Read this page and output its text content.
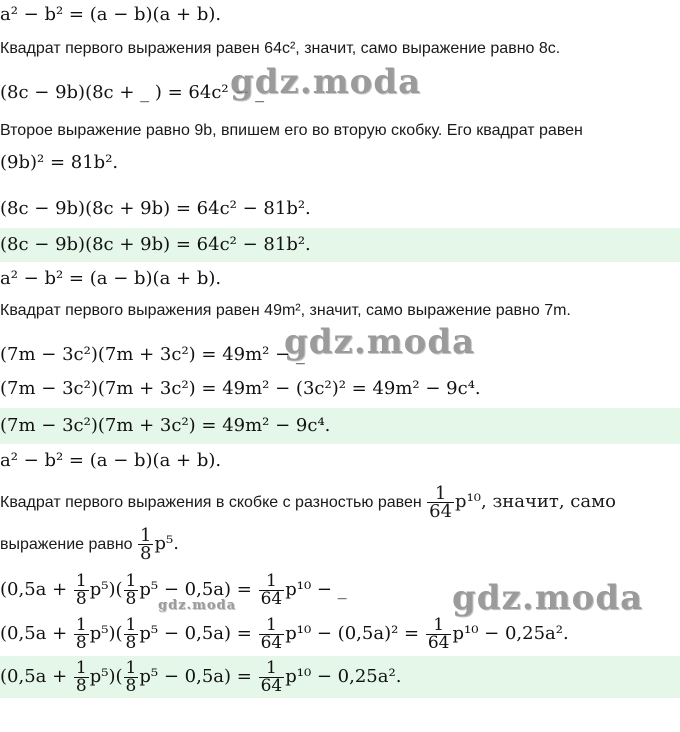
a² − b² = (a − b)(a + b).
Квадрат первого выражения равен 64c², значит, само выражение равно 8c.
(8c − 9b)(8c + _ ) = 64c² − _
gdz.moda
Второе выражение равно 9b, впишем его во вторую скобку. Его квадрат равен
(9b)² = 81b².
(8c − 9b)(8c + 9b) = 64c² − 81b².
(8c − 9b)(8c + 9b) = 64c² − 81b².
a² − b² = (a − b)(a + b).
Квадрат первого выражения равен 49m², значит, само выражение равно 7m.
(7m − 3c²)(7m + 3c²) = 49m² − _
gdz.moda
(7m − 3c²)(7m + 3c²) = 49m² − (3c²)² = 49m² − 9c⁴.
(7m − 3c²)(7m + 3c²) = 49m² − 9c⁴.
a² − b² = (a − b)(a + b).
Квадрат первого выражения в скобке с разностью равен $\frac{1}{64} p^{10}$, значит, само
выражение равно $\frac{1}{8} p^5$.
$(0,5a + \frac{1}{8} p^5)( \frac{1}{8} p^5 - 0,5a) = \frac{1}{64} p^{10}$ − _
gdz.moda	gdz.moda
$(0,5a + \frac{1}{8} p^5)( \frac{1}{8} p^5 - 0,5a) = \frac{1}{64} p^{10} - (0,5a)^2 = \frac{1}{64} p^{10} - 0,25a^2$.
$(0,5a + \frac{1}{8} p^5)( \frac{1}{8} p^5 - 0,5a) = \frac{1}{64} p^{10} - 0,25a^2$.
